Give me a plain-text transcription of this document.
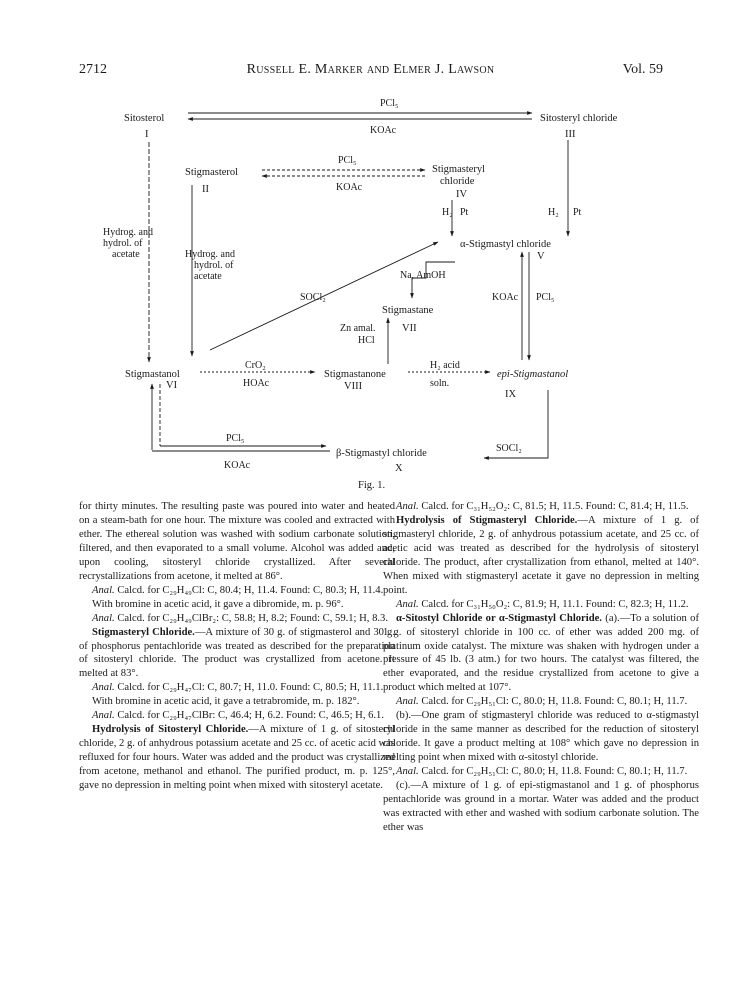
2712	Russell E. Marker and Elmer J. Lawson	Vol. 59
Sitosterol
I
Sitosteryl chloride
III
Stigmasterol
II
Stigmasteryl
chloride
IV
α-Stigmastyl chloride
V
Stigmastane
VII
Stigmastanol
VI
Stigmastanone
VIII
epi-Stigmastanol
IX
β-Stigmastyl chloride
X
PCl₅
KOAc
PCl₅
KOAc
H₂ Pt	H₂ Pt
Hydrog. and
hydrol. of
acetate	Hydrog. and
hydrol. of
acetate
SOCl₂
Na, AmOH
KOAc PCl₅
Zn amal.
HCl
CrO₂
HOAc
H₂ acid
soln.
PCl₅
KOAc
SOCl₂
Fig. 1.

for thirty minutes. The resulting paste was poured into water and heated on a steam-bath for one hour. The mixture was cooled and extracted with ether. The ethereal solution was washed with sodium carbonate solution, filtered, and then evaporated to a small volume. Alcohol was added and, upon cooling, sitosteryl chloride crystallized. After several recrystallizations from acetone, it melted at 86°.

Anal. Calcd. for C₂₉H₄₉Cl: C, 80.4; H, 11.4. Found: C, 80.3; H, 11.4.

With bromine in acetic acid, it gave a dibromide, m. p. 96°.

Anal. Calcd. for C₂₉H₄₉ClBr₂: C, 58.8; H, 8.2; Found: C, 59.1; H, 8.3.

Stigmasteryl Chloride.—A mixture of 30 g. of stigmasterol and 30 g. of phosphorus pentachloride was treated as described for the preparation of sitosteryl chloride. The product was crystallized from acetone. It melted at 83°.

Anal. Calcd. for C₂₉H₄₇Cl: C, 80.7; H, 11.0. Found: C, 80.5; H, 11.1.

With bromine in acetic acid, it gave a tetrabromide, m. p. 182°.

Anal. Calcd. for C₂₉H₄₇ClBr: C, 46.4; H, 6.2. Found: C, 46.5; H, 6.1.

Hydrolysis of Sitosteryl Chloride.—A mixture of 1 g. of sitosteryl chloride, 2 g. of anhydrous potassium acetate and 25 cc. of acetic acid was refluxed for four hours. Water was added and the product was crystallized from acetone, methanol and ethanol. The purified product, m. p. 125°, gave no depression in melting point when mixed with sitosteryl acetate.

Anal. Calcd. for C₃₁H₅₂O₂: C, 81.5; H, 11.5. Found: C, 81.4; H, 11.5.

Hydrolysis of Stigmasteryl Chloride.—A mixture of 1 g. of stigmasteryl chloride, 2 g. of anhydrous potassium acetate, and 25 cc. of acetic acid was treated as described for the hydrolysis of sitosteryl chloride. The product, after crystallization from ethanol, melted at 140°. When mixed with stigmasteryl acetate it gave no depression in melting point.

Anal. Calcd. for C₃₁H₅₀O₂: C, 81.9; H, 11.1. Found: C, 82.3; H, 11.2.

α-Sitostyl Chloride or α-Stigmastyl Chloride. (a).—To a solution of 1 g. of sitosteryl chloride in 100 cc. of ether was added 200 mg. of platinum oxide catalyst. The mixture was shaken with hydrogen under a pressure of 45 lb. (3 atm.) for two hours. The catalyst was filtered, the ether evaporated, and the residue crystallized from acetone to give a product which melted at 107°.

Anal. Calcd. for C₂₉H₅₁Cl: C, 80.0; H, 11.8. Found: C, 80.1; H, 11.7.

(b).—One gram of stigmasteryl chloride was reduced to α-stigmastyl chloride in the same manner as described for the reduction of sitosteryl chloride. It gave a product melting at 108° which gave no depression in melting point when mixed with α-sitostyl chloride.

Anal. Calcd. for C₂₉H₅₁Cl: C, 80.0; H, 11.8. Found: C, 80.1; H, 11.7.

(c).—A mixture of 1 g. of epi-stigmastanol and 1 g. of phosphorus pentachloride was ground in a mortar. Water was added and the product was extracted with ether and washed with sodium carbonate solution. The ether was
